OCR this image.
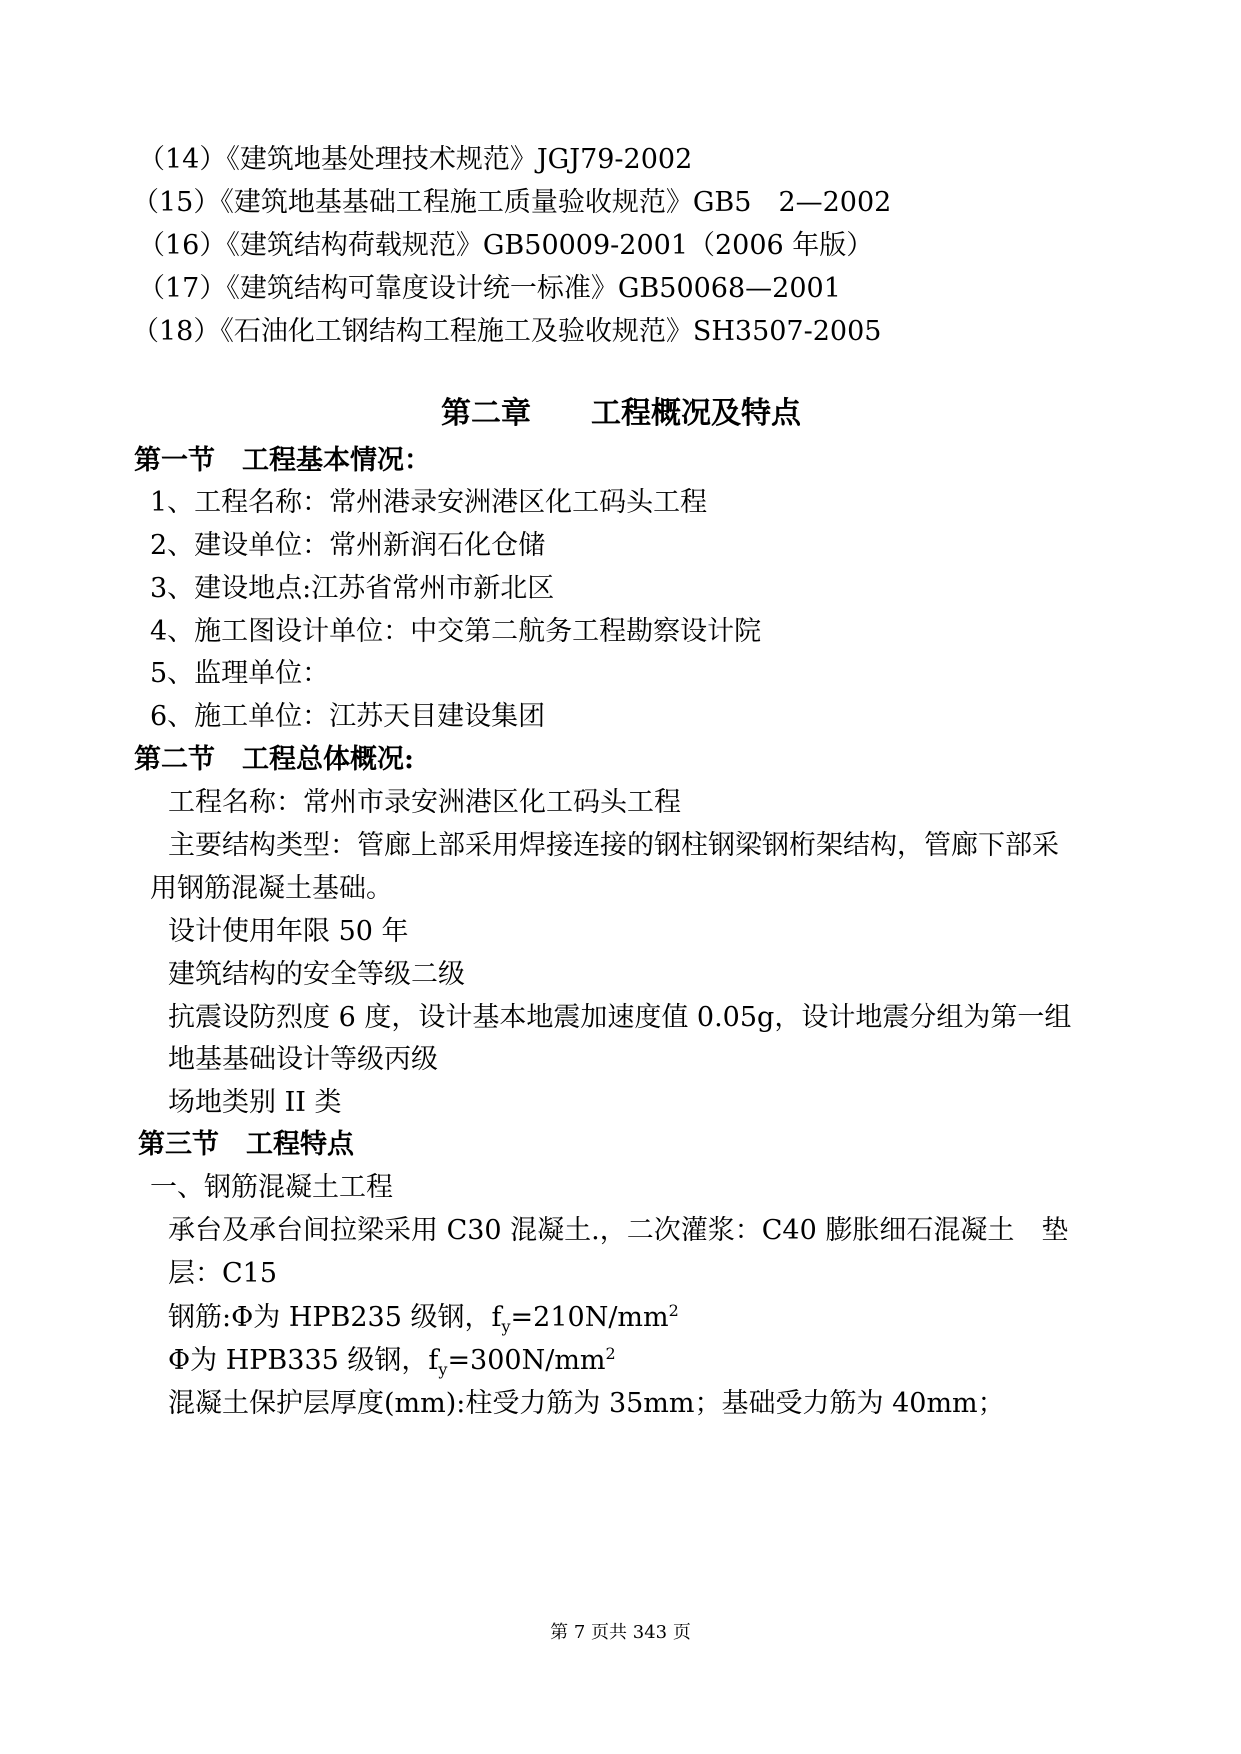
（14）《建筑地基处理技术规范》JGJ79-2002
（15）《建筑地基基础工程施工质量验收规范》GB5　2—2002
（16）《建筑结构荷载规范》GB50009-2001（2006 年版）
（17）《建筑结构可靠度设计统一标准》GB50068—2001
（18）《石油化工钢结构工程施工及验收规范》SH3507-2005
第二章　　工程概况及特点
第一节　工程基本情况：
1、工程名称：常州港录安洲港区化工码头工程
2、建设单位：常州新润石化仓储
3、建设地点:江苏省常州市新北区
4、施工图设计单位：中交第二航务工程勘察设计院
5、监理单位：
6、施工单位：江苏天目建设集团
第二节　工程总体概况:
工程名称：常州市录安洲港区化工码头工程
主要结构类型：管廊上部采用焊接连接的钢柱钢梁钢桁架结构，管廊下部采
用钢筋混凝土基础。
设计使用年限 50 年
建筑结构的安全等级二级
抗震设防烈度 6 度，设计基本地震加速度值 0.05g，设计地震分组为第一组
地基基础设计等级丙级
场地类别 II 类
第三节　工程特点
一、钢筋混凝土工程
承台及承台间拉梁采用 C30 混凝土.，二次灌浆：C40 膨胀细石混凝土　垫
层：C15
钢筋:Φ为 HPB235 级钢，$f_y=210N/mm^2$
Φ为 HPB335 级钢，$f_y=300N/mm^2$
混凝土保护层厚度(mm):柱受力筋为 35mm；基础受力筋为 40mm；
第 7 页共 343 页
